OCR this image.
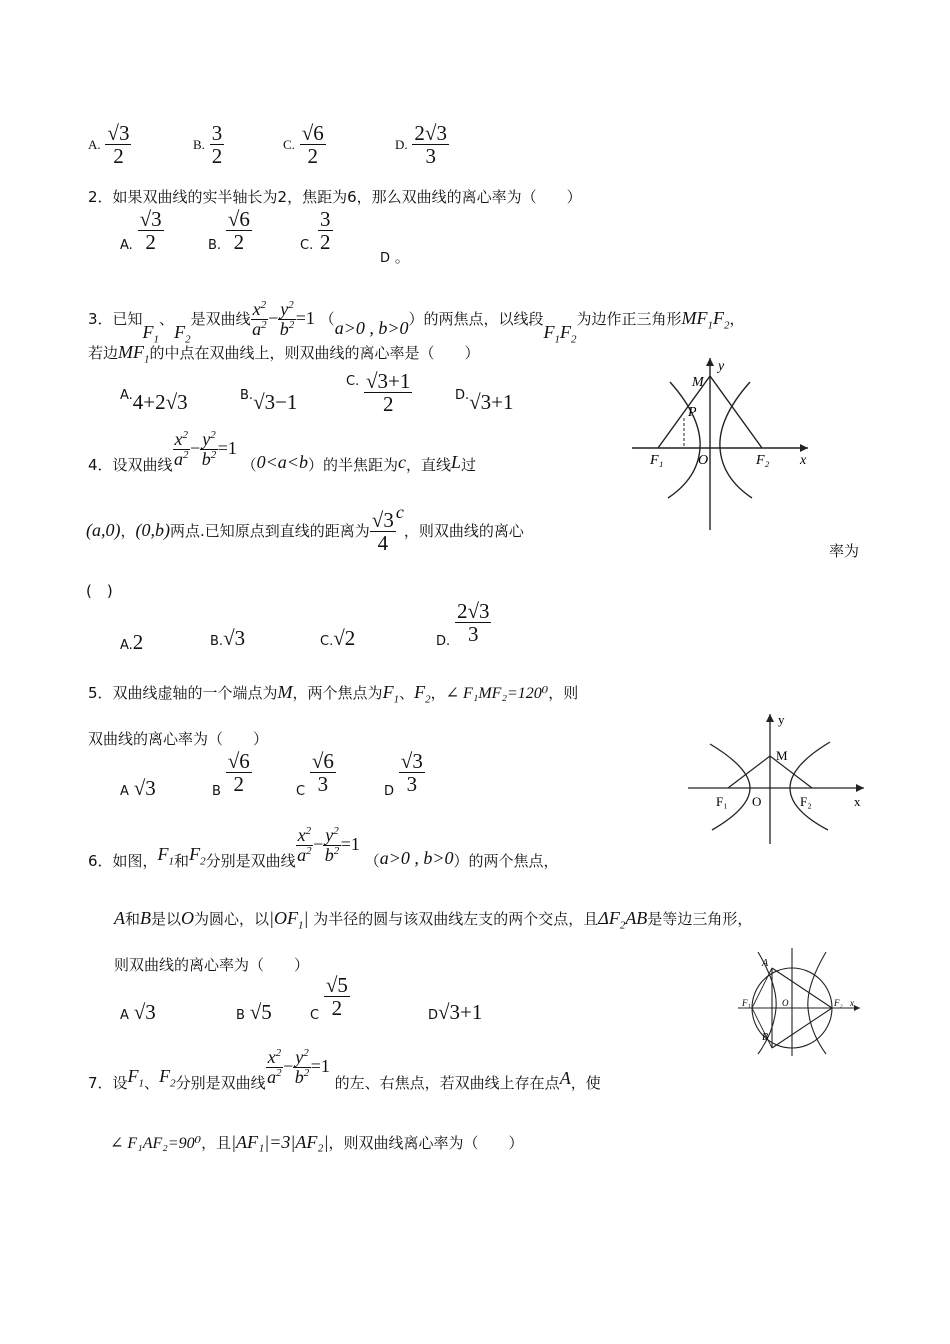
A. $\frac{√3}{2}$	B. $\frac{3}{2}$	C. $\frac{√6}{2}$	D. $\frac{2√3}{3}$
2．如果双曲线的实半轴长为2，焦距为6，那么双曲线的离心率为（　　）
A. $\frac{√3}{2}$	B. $\frac{√6}{2}$	C. $\frac{3}{2}$
D 。
3．已知$F_1$、$F_2$是双曲线 $\frac{x^2}{a^2} - \frac{y^2}{b^2} =1$ （a>0 , b>0）的两焦点，以线段$F_1F_2$为边作正三角形$MF_1F_2$，
若边$MF_1$的中点在双曲线上，则双曲线的离心率是（　　）
A.4+2√3	B.√3−1
C. $\frac{√3+1}{2}$	D.√3+1
M
y
P
F₁ O	F₂ x
4．设双曲线 $\frac{x^2}{a^2} - \frac{y^2}{b^2} =1$ （0<a<b）的半焦距为c，直线L过
(a,0)，(0,b)两点.已知原点到直线的距离为 $\frac{√3}{4}$ c，则双曲线的离心
率为
(　)
A.2	B.√3	C.√2	D. $\frac{2√3}{3}$
5．双曲线虚轴的一个端点为M，两个焦点为$F_1$、$F_2$，∠ F₁MF₂=120⁰，则
双曲线的离心率为（　　）
A √3	B $\frac{√6}{2}$	C $\frac{√6}{3}$	D $\frac{√3}{3}$
y
M
F₁ O	F₂	x
6．如图，$F_1$和$F_2$分别是双曲线 $\frac{x^2}{a^2} - \frac{y^2}{b^2} =1$ （a>0 , b>0）的两个焦点，
A和B是以O为圆心，以$|OF_1|$ 为半径的圆与该双曲线左支的两个交点，且$\Delta F_2AB$是等边三角形，
则双曲线的离心率为（　　）
A √3	B √5	C $\frac{√5}{2}$	D√3+1
A
B
F₁	O	F₂ x
7．设$F_1$、$F_2$分别是双曲线 $\frac{x^2}{a^2} - \frac{y^2}{b^2} =1$ 的左、右焦点，若双曲线上存在点A，使
∠ F₁AF₂=90⁰，且|AF₁|=3|AF₂|，则双曲线离心率为（　　）
